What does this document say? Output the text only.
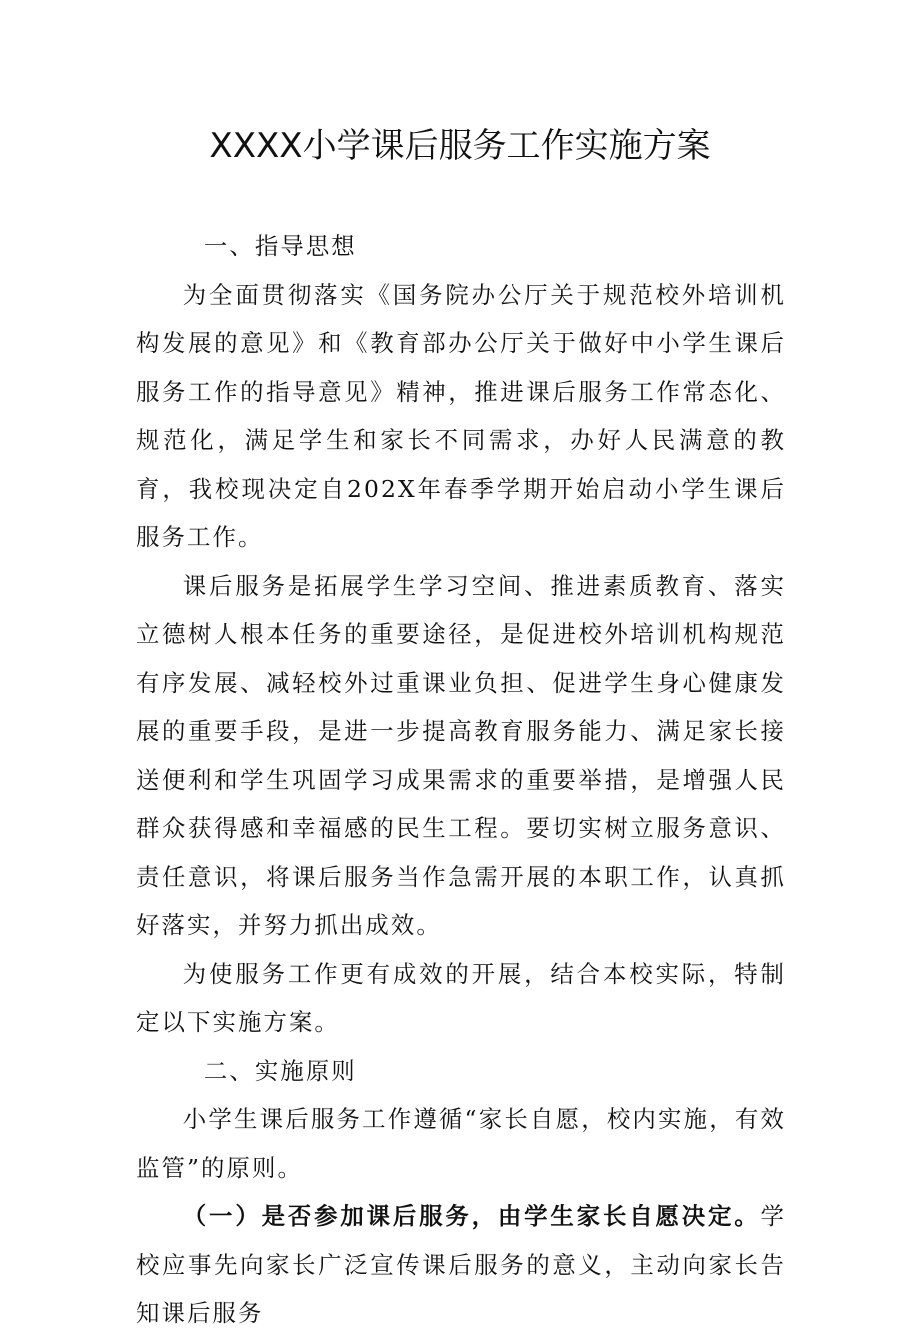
XXXX小学课后服务工作实施方案

一、指导思想

为全面贯彻落实《国务院办公厅关于规范校外培训机构发展的意见》和《教育部办公厅关于做好中小学生课后服务工作的指导意见》精神，推进课后服务工作常态化、规范化，满足学生和家长不同需求，办好人民满意的教育，我校现决定自202X年春季学期开始启动小学生课后服务工作。

课后服务是拓展学生学习空间、推进素质教育、落实立德树人根本任务的重要途径，是促进校外培训机构规范有序发展、减轻校外过重课业负担、促进学生身心健康发展的重要手段，是进一步提高教育服务能力、满足家长接送便利和学生巩固学习成果需求的重要举措，是增强人民群众获得感和幸福感的民生工程。要切实树立服务意识、责任意识，将课后服务当作急需开展的本职工作，认真抓好落实，并努力抓出成效。

为使服务工作更有成效的开展，结合本校实际，特制定以下实施方案。

二、实施原则

小学生课后服务工作遵循“家长自愿，校内实施，有效监管”的原则。

（一）是否参加课后服务，由学生家长自愿决定。学校应事先向家长广泛宣传课后服务的意义，主动向家长告知课后服务
